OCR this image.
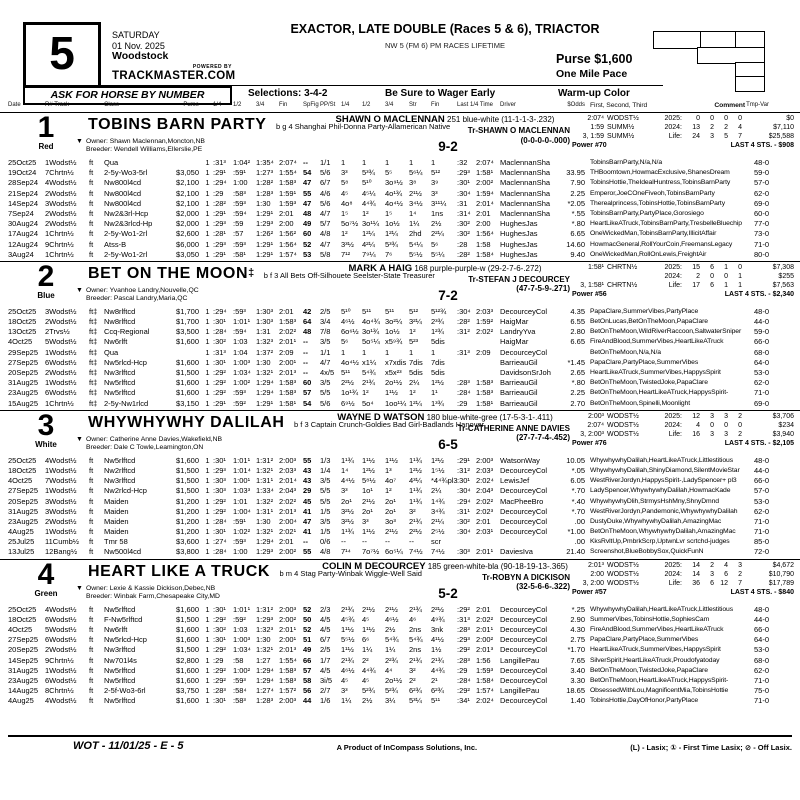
5	SATURDAY
01 Nov. 2025
Woodstock
POWERED BY
TRACKMASTER.COM
ASK FOR HORSE BY NUMBER	Selections: 3-4-2	Be Sure to Wager Early	Warm-up Color
EXACTOR, LATE DOUBLE (Races 5 & 6), TRIACTOR
NW 5 (FM 6) PM RACES LIFETIME
Purse $1,600
One Mile Pace
Date	R# Track	Class	Purse	1/4	1/2	3/4	Fin	SpFig PP/St 1/4	1/2	3/4	Str	Fin	Last 1/4 Time	Driver	$Odds First, Second, Third	Comment Tmp-Var
1
Red
TOBINS BARN PARTY b g 4 Shanghai Phil-Donna Party-Allamerican Native
▼ Owner: Shawn Maclennan,Moncton,NB
Breeder: Wendell Williams,Ellerslie,PE
SHAWN O MACLENNAN 251 blue-white (11-1-1-3-.232)
Tr-SHAWN O MACLENNAN
(0-0-0-0-.000)
9-2
2:07⁴ WODST½	2025:	0	0	0	0	$0
1:59 SUMM½	2024:	13	2	2	4	$7,110
3, 1:59 SUMM½	Life:	24	3	5	7	$25,588
Power #70	LAST 4 STS. - $908
25Oct25	1Wodst½	ft	Qua	1 :31³ 1:04² 1:35⁴ 2:07⁴ --	1/1	1	1	1	1	1	:32	2:07⁴ MaclennanSha	TobinsBarnParty,N/a,N/a	48-0
19Oct24	7Chrtn½	ft	2-5y-Wo3-5rl	$3,050 1 :29¹ :59¹	1:27³ 1:55⁴ 54	5/6	3³	5³¾	5⁵	5⁶¼	5¹²	:29³ 1:58¹ MaclennanSha	33.95 THBoomtown,HowmacExclusive,ShanesDream	59-0
28Sep24 4Wodst½	ft	Nw800l4cd	$2,100 1 :29⁴ 1:00	1:28² 1:58³ 47	6/7	5⁸	5¹⁰	3o⁹½ 3⁸	3⁹	:30¹ 2:00² MaclennanSha	7.90 TobinsHottie,TheIdealHuntress,TobinsBarnParty	57-0
21Sep24 2Wodst½	ft	Nw800l4cd	$2,100 1 :29	:58³	1:28³ 1:59¹ 55	4/6	4⁵	4⁵¼	4o¹¾ 2¹½	3³	:30⁴ 1:59⁴ MaclennanSha	2.25 Emperor,JoeCOneFiveoh,TobinsBarnParty	62-0
14Sep24 3Wodst½	ft	Nw800l4cd	$2,100 1 :28² :59³	1:30	1:59³ 47	5/6	4o⁸	4⁴¾	4o⁴½ 3⁴½	3¹¹¼	:31	2:01⁴ MaclennanSha	*2.05 Therealprincess,TobinsHottie,TobinsBarnParty	69-0
7Sep24	2Wodst½	ft	Nw2&3rl-Hcp	$2,000 1 :29¹ :59⁴	1:29¹ 2:01	48	4/7	1⁵	1²	1⁵	1⁴	1ns	:31⁴ 2:01	MaclennanSha	*.55 TobinsBarnParty,PartyPlace,Gorosiego	60-0
30Aug24 2Wodst½	ft	Nw2&3rlcd-Hp	$2,000 1 :29³ :59	1:29³ 2:00	49	5/7	5o⁷½ 3o¹¼ 1o½	1¼	2½	:30² 2:00	HughesJas	*.80 HeartLikeATruck,TobinsBarnParty,TresbelleBluechip	77-0
17Aug24 1Chrtn½	ft	2-5y-Wo1-2rl	$2,600 1 :28¹ :57	1:26² 1:56² 60	4/8	1²	1²¼	1²¼	2hd	2²¼	:30² 1:56⁴ HughesJas	6.65 OneWickedMan,TobinsBarnParty,IllicitAffair	73-0
12Aug24 9Chrtn½	ft	Atss-B	$6,000 1 :29³ :59³	1:29¹ 1:56⁴ 52	4/7	3³½	4²¼	5³¾	5⁴¼	5⁶	:28	1:58	HughesJas	14.60 HowmacGeneral,RollYourCoin,FreemansLegacy	71-0
3Aug24	1Chrtn½	ft	2-5y-Wo1-2rl	$3,050 1 :29¹ :58¹	1:29¹ 1:57⁴ 53	5/8	7¹²	7⁹¼	7⁶	5⁵½	5⁵¼	:28² 1:58⁴ HughesJas	9.40 OneWickedMan,RollOnLewis,FreightAir	80-0
2
Blue
BET ON THE MOON‡ b f 3 All Bets Off-Silhouete Seelster-State Treasurer
▼ Owner: Yvanhoe Landry,Nouvelle,QC
Breeder: Pascal Landry,Maria,QC
MARK A HAIG 168 purple-purple-w (29-2-7-6-.272)
Tr-STEFAN J DECOURCEY
(47-7-5-9-.271)
7-2
1:58¹ CHRTN½	2025:	15	6	1	0	$7,308
2024:	2	0	0	1	$255
3, 1:58¹ CHRTN½	Life:	17	6	1	1	$7,563
Power #56	LAST 4 STS. - $2,340
25Oct25	3Wodst½	ft‡ Nw8rlftcd	$1,700 1 :29⁴ :59³	1:30³ 2:01	42	2/5	5¹⁰	5¹¹	5¹¹	5¹²	5¹²¾	:30⁴ 2:03³ DecourceyCol	4.35 PapaClare,SummerVibes,PartyPlace	48-0
18Oct25	2Wodst½	ft‡ Nw8rlftcd	$1,700 1 :30¹ 1:01¹ 1:30³ 1:58³ 64	3/4	4⁶½ 4o⁴¾ 3o²¼ 3²¼	2³¾	:28² 1:59² HaigMar	6.55 BetOnLucas,BetOnTheMoon,PapaClare	44-0
13Oct25	2Trvs½	ft‡ Ccq-Regional	$3,500 1 :28⁴ :59⁴	1:31	2:02² 48	7/8	6o⁶½ 3o¹¾ 1o½	1²	1²¾	:31² 2:02² LandryYva	2.80 BetOnTheMoon,WildRiverRaccoon,SaltwaterSniper	59-0
4Oct25	5Wodst½	ft‡ Nw6rlft	$1,600 1 :30² 1:03	1:32³ 2:01¹ --	3/5	5⁶	5o⁵¼ x5⁹¾ 5²³	5dis	HaigMar	6.65 FireAndBlood,SummerVibes,HeartLikeATruck	66-0
29Sep25 1Wodst½	ft‡ Qua	1 :31³ 1:04	1:37² 2:09	--	1/1	1	1	1	1	1	:31³ 2:09	DecourceyCol	BetOnTheMoon,N/a,N/a	68-0
27Sep25 6Wodst½	ft‡ Nw5rlcd-Hcp	$1,600 1 :30¹ 1:00³ 1:30	2:00¹ --	4/7	4o⁴½ x1¼	x7xdis 7dis	7dis	BarrieauGil	*1.45 PapaClare,PartyPlace,SummerVibes	64-0
20Sep25 2Wodst½	ft‡ Nw3rlftcd	$1,500 1 :29² 1:03⁴ 1:32¹ 2:01³ --	4x/5 5¹¹	5⁴¾	x5x²³ 5dis	5dis	DavidsonSrJoh	2.65 HeartLikeATruck,SummerVibes,HappysSpirit	53-0
31Aug25 1Wodst½	ft‡ Nw5rlftcd	$1,600 1 :29² 1:00² 1:29⁴ 1:58³ 60	3/5	2²½	2¹¾	2o¹½ 2¼	1²½	:28³ 1:58³ BarrieauGil	*.80 BetOnTheMoon,TwistedJoke,PapaClare	62-0
23Aug25 6Wodst½	ft‡ Nw5rlftcd	$1,600 1 :29² :59³	1:29⁴ 1:58³ 57	5/5	1o¹¾ 1²	1¹½	1²	1¹	:28⁴ 1:58³ BarrieauGil	2.25 BetOnTheMoon,HeartLikeATruck,HappysSpirit-	71-0
15Aug25 1Chrtn½	ft‡ 2-5y-Nw1rlcd	$3,150 1 :29¹ :59²	1:29¹ 1:58¹ 54	5/6	6⁹½ 5o⁴	1oo¹¼ 1²¼	1³¾	:29	1:58¹ BarrieauGil	2.70 BetOnTheMoon,Spinelli,Moonlight	69-0
3
White
WHYWHYWHY DALILAH b f 3 Captain Crunch-Goldies Bad Girl-Badlands Hanover
▼ Owner: Catherine Anne Davies,Wakefield,NB
Breeder: Dale C Towle,Leamington,ON
WAYNE D WATSON 180 blue-white-gree (17-5-3-1-.411)
Tr-CATHERINE ANNE DAVIES
(27-7-7-4-.452)
6-5
2:00³ WODST½	2025:	12	3	3	2	$3,706
2:07⁴ WODST½	2024:	4	0	0	0	$234
3, 2:00³ WODST½	Life:	16	3	3	2	$3,940
Power #76	LAST 4 STS. - $2,105
25Oct25	4Wodst½	ft	Nw5rlftcd	$1,600 1 :30¹ 1:01¹ 1:31² 2:00³ 55	1/3	1¹¾	1¹½	1¹½	1¹¾	1²½	:29¹ 2:00³ WatsonWay	10.05 WhywhywhyDalilah,HeartLikeATruck,Littlestitious	48-0
18Oct25	1Wodst½	ft	Nw2rlftcd	$1,500 1 :29³ 1:01⁴ 1:32¹ 2:03³ 43	1/4	1⁴	1²½	1³	1²½	1⁵½	:31² 2:03³ DecourceyCol	*.05 WhywhywhyDalilah,ShinyDiamond,SilentMovieStar	44-0
4Oct25	7Wodst½	ft	Nw3rlftcd	$1,500 1 :30³ 1:00¹ 1:31¹ 2:01⁴ 43	3/5	4⁴½ 5⁸½	4o⁷	4³¼	*4⁴¾pl3 :30¹ 2:02⁴ LewisJef	6.05 WestRiverJordyn,HappysSpirit-,LadySpencer+ pl3	66-0
27Sep25 1Wodst½	ft	Nw2rlcd-Hcp	$1,500 1 :30³ 1:03³ 1:33⁴ 2:04³ 29	5/5	3³	1o¹	1²	1¹¾	2¼	:30⁴ 2:04³ DecourceyCol	*.70 LadySpencer,WhywhywhyDalilah,HowmacKade	57-0
20Sep25 3Wodst½	ft	Maiden	$1,200 1 :29² 1:01	1:32² 2:02² 45	5/5	2o¹	2¹½	2o¹	1¹¾	1⁴¾	:29⁴ 2:02² MacPheeBro	*.40 WhywhywhyDlih,StrmysHshMny,ShnyDmnd	53-0
31Aug25 3Wodst½	ft	Maiden	$1,200 1 :29² 1:00⁴ 1:31¹ 2:01³ 41	1/5	3²½	2o¹	2o¹	3²	3⁴¾	:31¹ 2:02³ DecourceyCol	*.70 WestRiverJordyn,Pandemonic,WhywhywhyDalilah	62-0
23Aug25 2Wodst½	ft	Maiden	$1,200 1 :28⁴ :59¹	1:30	2:00⁴ 47	3/5	3²½	3³	3o³	2¹¾	2¹¼	:30² 2:01	DecourceyCol	.00 DustyDuke,WhywhywhyDalilah,AmazingMac	71-0
4Aug25	1Wodst½	ft	Maiden	$1,200 1 :30¹ 1:02² 1:32¹ 2:02¹ 41	1/5	1¹¾	1¹½	2¹½	2²½	2⁵½	:30⁴ 2:03¹ DecourceyCol	*1.00 BetOnTheMoon,WhywhywhyDalilah,AmazingMac	71-0
25Jul25	11Cumb½	ft	Tmr 58	$3,600 1 :27⁴ :59³	1:29⁴ 2:01	--	0/6	--	--	--	--	scr	.00 KksRvltUp,PmbrkScrp,UptwnLvr scrtchd-judges	85-0
13Jul25	12Bang½	ft	Nw500l4cd	$3,800 1 :28⁴ 1:00	1:29³ 2:00² 55	4/8	7¹⁴	7o⁷½ 6o⁵¼ 7⁴½	7⁴½	:30³ 2:01¹ DaviesIva	21.40 Screenshot,BlueBobbySox,QuickFunN	72-0
4
Green
HEART LIKE A TRUCK b m 4 Stag Party-Winbak Wiggle-Well Said
▼ Owner: Lexie & Kassie Dickison,Debec,NB
Breeder: Winbak Farm,Chesapeake City,MD
COLIN M DECOURCEY 185 green-white-bla (90-18-19-13-.365)
Tr-ROBYN A DICKISON
(32-5-6-6-.322)
5-2
2:01³ WODST½	2025:	14	2	4	3	$4,672
2:00 WODST½	2024:	14	3	6	2	$10,790
3, 2:00 WODST½	Life:	36	6 12	7	$17,789
Power #57	LAST 4 STS. - $840
25Oct25	4Wodst½	ft	Nw5rlftcd	$1,600 1 :30¹ 1:01¹ 1:31² 2:00³ 52	2/3	2¹¾	2¹½	2¹½	2¹¾	2²½	:29² 2:01	DecourceyCol	*.25 WhywhywhyDalilah,HeartLikeATruck,Littlestitious	48-0
18Oct25	6Wodst½	ft	F-Nw5rlftcd	$1,500 1 :29² :59²	1:29³ 2:00² 50	4/5	4⁵¾ 4⁵	4⁶½	4⁶	4⁹¾	:31³ 2:02² DecourceyCol	2.90 SummerVibes,TobinsHottie,SophiesCam	44-0
4Oct25	5Wodst½	ft	Nw6rlft	$1,600 1 :30² 1:03	1:32³ 2:01¹ 52	4/5	1¹½	1¹½	2½	2ns	3nk	:28³ 2:01¹ DecourceyCol	4.30 FireAndBlood,SummerVibes,HeartLikeATruck	66-0
27Sep25 6Wodst½	ft	Nw5rlcd-Hcp	$1,600 1 :30¹ 1:00³ 1:30	2:00¹ 51	6/7	5⁵½ 6⁶	5⁴¾	5⁴¾	4¹½	:29³ 2:00² DecourceyCol	2.75 PapaClare,PartyPlace,SummerVibes	64-0
20Sep25 2Wodst½	ft	Nw3rlftcd	$1,500 1 :29² 1:03⁴ 1:32¹ 2:01³ 49	2/5	1¹½	1¼	1¼	2ns	1½	:29² 2:01³ DecourceyCol	*1.70 HeartLikeATruck,SummerVibes,HappysSpirit	53-0
14Sep25 9Chrtn½	ft	Nw701l4s	$2,800 1 :29	:58	1:27	1:55⁴ 66	1/7	2¹¾	2²	2²¾	2¹¾	2¹¾	:28³ 1:56	LangillePau	7.65 SilverSpirit,HeartLikeATruck,Proudofyatoday	68-0
31Aug25 1Wodst½	ft	Nw5rlftcd	$1,600 1 :29² 1:00² 1:29⁴ 1:58³ 57	4/5	4⁶½ 4⁴¾	4⁴	3²	4⁴¾	:29	1:59³ DecourceyCol	3.40 BetOnTheMoon,TwistedJoke,PapaClare	62-0
23Aug25 6Wodst½	ft	Nw5rlftcd	$1,600 1 :29² :59³	1:29⁴ 1:58³ 58	3i/5	4⁵	4⁵	2o¹½ 2²	2¹	:28⁴ 1:58⁴ DecourceyCol	3.30 BetOnTheMoon,HeartLikeATruck,HappysSpirit-	71-0
14Aug25 8Chrtn½	ft	2-5f-Wo3-6rl	$3,750 1 :28³ :58⁴	1:27⁴ 1:57² 56	2/7	3³	5²¾	5²¾	6²¾	6²¾	:29² 1:57⁴ LangillePau	18.65 ObsessedWithLou,MagnificentMia,TobinsHottie	75-0
4Aug25	4Wodst½	ft	Nw5rlftcd	$1,600 1 :30¹ :58³	1:28³ 2:00³ 44	1/6	1¼	2½	3¼	5³¼	5¹¹	:34¹ 2:02⁴ DecourceyCol	1.40 TobinsHottie,DayOfHonor,PartyPlace	71-0
WOT - 11/01/25 - E - 5	A Product of InCompass Solutions, Inc.	(L) - Lasix; ① - First Time Lasix; ⊘ - Off Lasix.
